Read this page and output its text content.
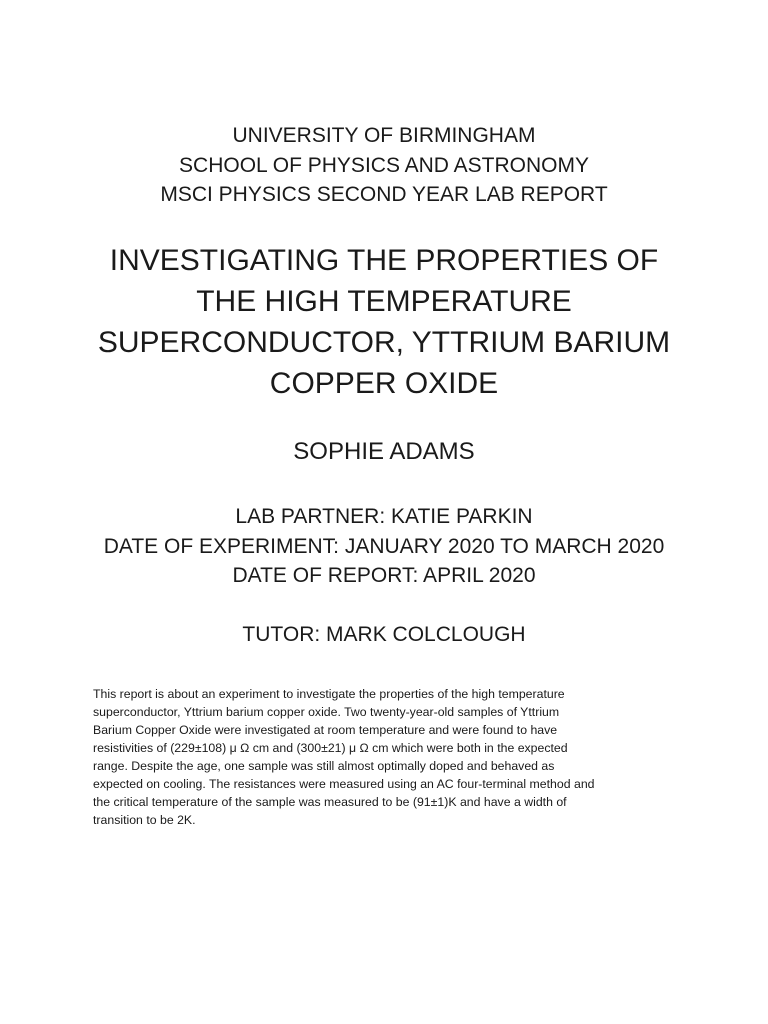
UNIVERSITY OF BIRMINGHAM
SCHOOL OF PHYSICS AND ASTRONOMY
MSCI PHYSICS SECOND YEAR LAB REPORT
INVESTIGATING THE PROPERTIES OF
THE HIGH TEMPERATURE
SUPERCONDUCTOR, YTTRIUM BARIUM
COPPER OXIDE
SOPHIE ADAMS
LAB PARTNER: KATIE PARKIN
DATE OF EXPERIMENT: JANUARY 2020 TO MARCH 2020
DATE OF REPORT: APRIL 2020
TUTOR: MARK COLCLOUGH
This report is about an experiment to investigate the properties of the high temperature
superconductor, Yttrium barium copper oxide. Two twenty-year-old samples of Yttrium
Barium Copper Oxide were investigated at room temperature and were found to have
resistivities of (229±108) μ Ω cm and (300±21) μ Ω cm which were both in the expected
range. Despite the age, one sample was still almost optimally doped and behaved as
expected on cooling. The resistances were measured using an AC four-terminal method and
the critical temperature of the sample was measured to be (91±1)K and have a width of
transition to be 2K.
